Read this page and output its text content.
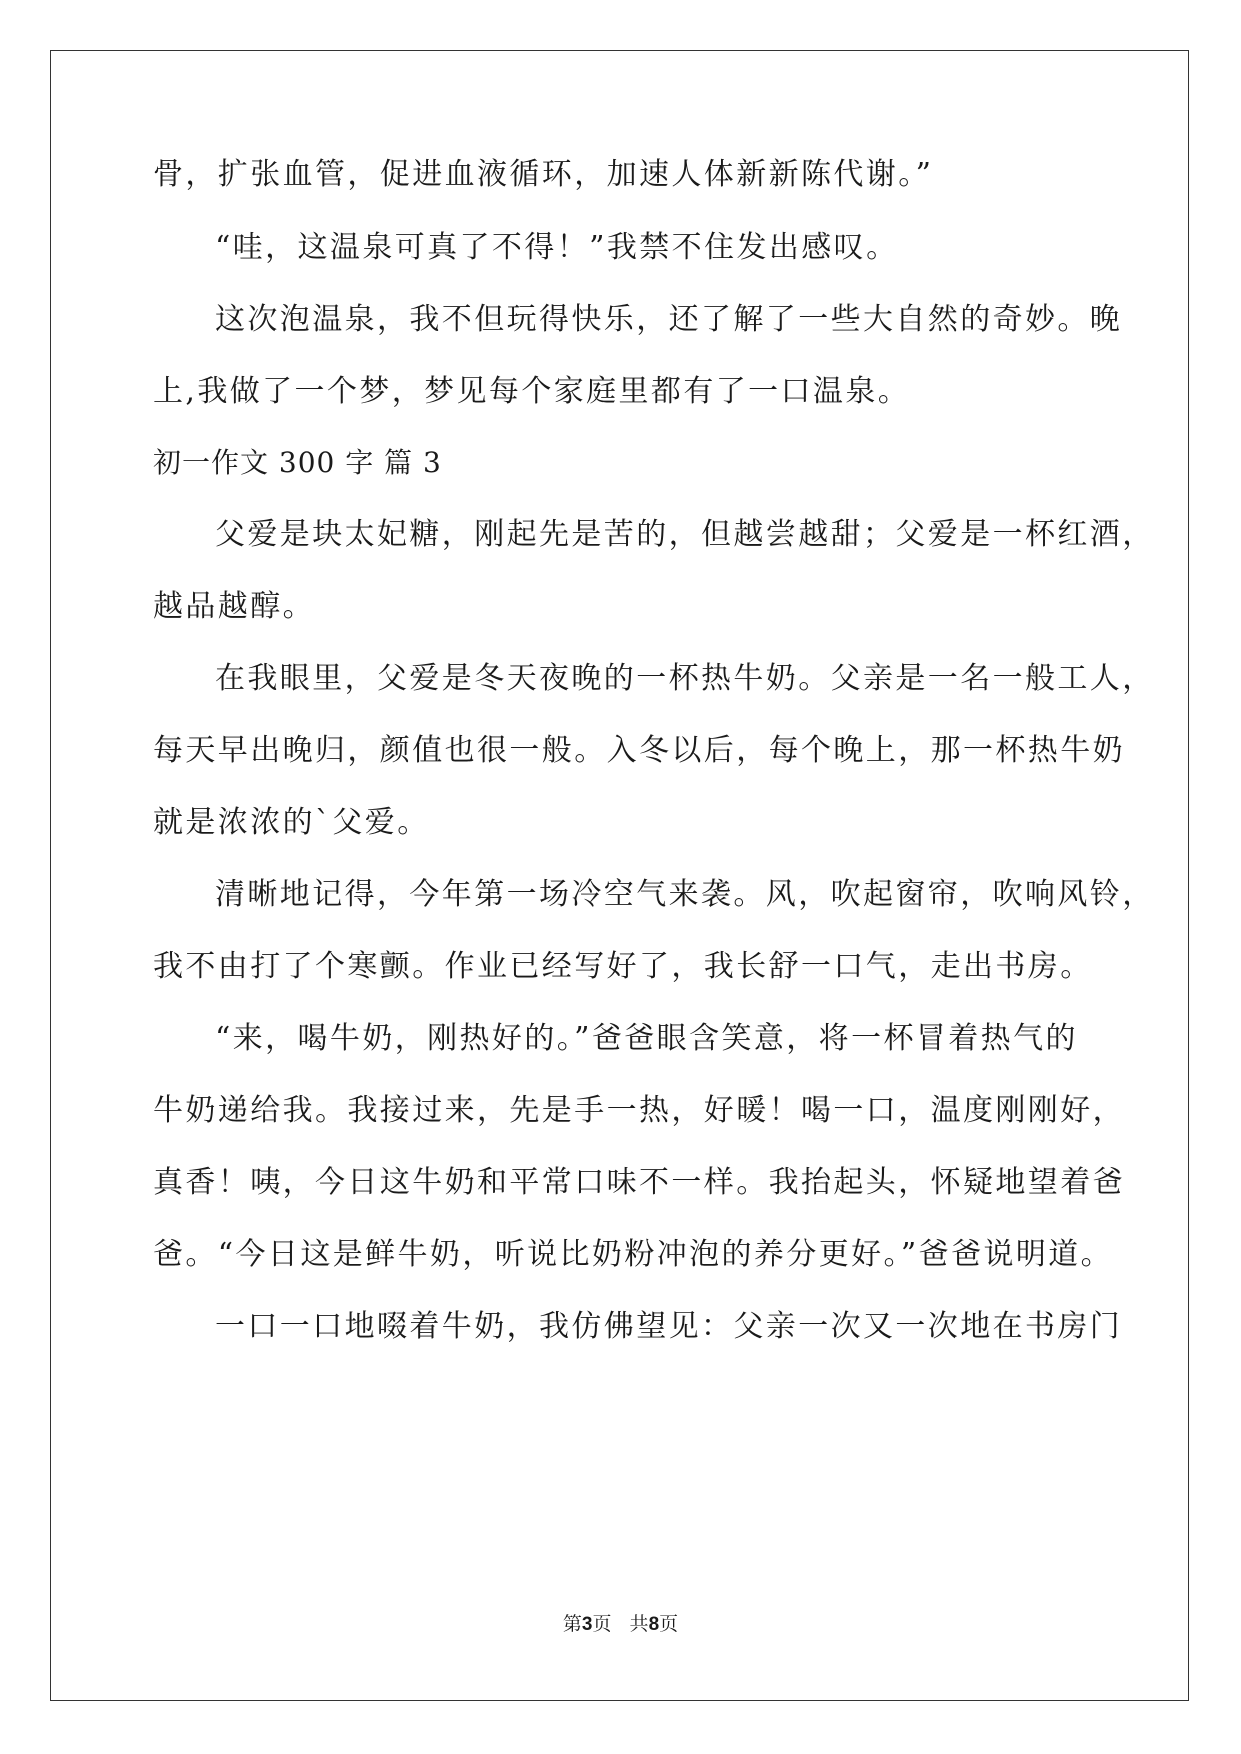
骨，扩张血管，促进血液循环，加速人体新新陈代谢。”
“哇，这温泉可真了不得！”我禁不住发出感叹。
这次泡温泉，我不但玩得快乐，还了解了一些大自然的奇妙。晚
上,我做了一个梦，梦见每个家庭里都有了一口温泉。
初一作文 300 字 篇 3
父爱是块太妃糖，刚起先是苦的，但越尝越甜；父爱是一杯红酒，
越品越醇。
在我眼里，父爱是冬天夜晚的一杯热牛奶。父亲是一名一般工人，
每天早出晚归，颜值也很一般。入冬以后，每个晚上，那一杯热牛奶
就是浓浓的`父爱。
清晰地记得，今年第一场冷空气来袭。风，吹起窗帘，吹响风铃，
我不由打了个寒颤。作业已经写好了，我长舒一口气，走出书房。
“来，喝牛奶，刚热好的。”爸爸眼含笑意，将一杯冒着热气的
牛奶递给我。我接过来，先是手一热，好暖！喝一口，温度刚刚好，
真香！咦，今日这牛奶和平常口味不一样。我抬起头，怀疑地望着爸
爸。“今日这是鲜牛奶，听说比奶粉冲泡的养分更好。”爸爸说明道。
一口一口地啜着牛奶，我仿佛望见：父亲一次又一次地在书房门
第3页   共8页
